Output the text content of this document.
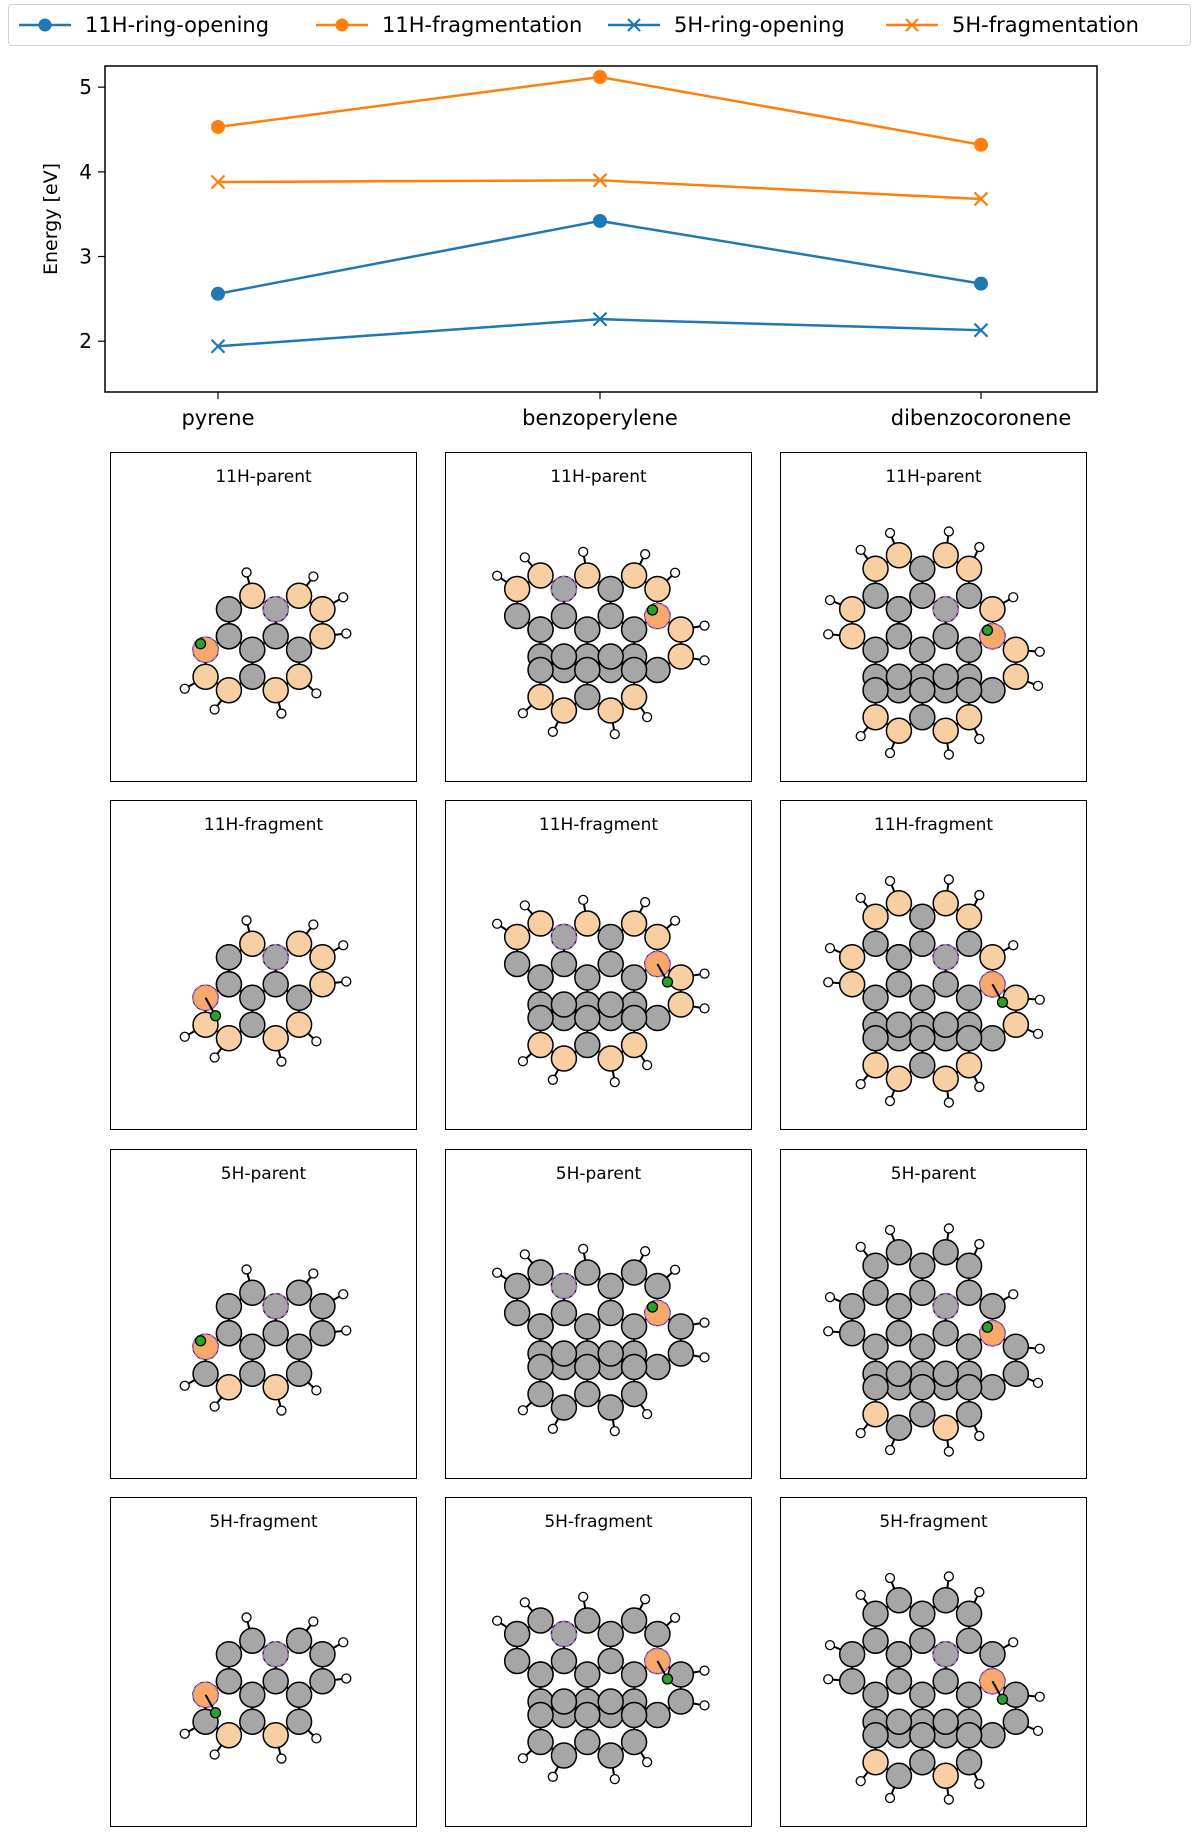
11H-ring-opening	11H-fragmentation	5H-ring-opening	5H-fragmentation
2
3
4
5
pyrene	benzoperylene	dibenzocoronene
Energy [eV]
11H-parent	11H-parent	11H-parent
11H-fragment	11H-fragment	11H-fragment
5H-parent	5H-parent	5H-parent
5H-fragment	5H-fragment	5H-fragment
